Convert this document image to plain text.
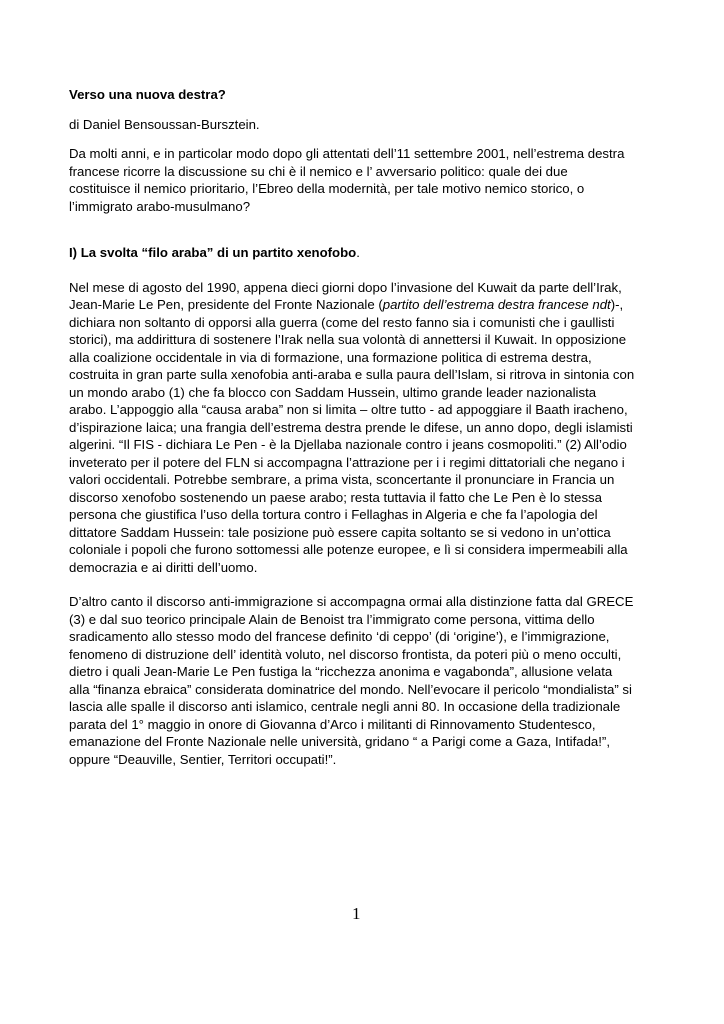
Verso una nuova destra?

di Daniel Bensoussan-Bursztein.

Da molti anni, e in particolar modo dopo gli attentati dell’11 settembre 2001, nell’estrema destra
francese ricorre la discussione su chi è il nemico e l’ avversario politico: quale dei due
costituisce il nemico prioritario, l’Ebreo della modernità, per tale motivo nemico storico, o
l’immigrato arabo-musulmano?

I) La svolta “filo araba” di un partito xenofobo.

Nel mese di agosto del 1990, appena dieci giorni dopo l’invasione del Kuwait da parte dell’Irak,
Jean-Marie Le Pen, presidente del Fronte Nazionale (partito dell’estrema destra francese ndt)-,
dichiara non soltanto di opporsi alla guerra (come del resto fanno sia i comunisti che i gaullisti
storici), ma addirittura di sostenere l’Irak nella sua volontà di annettersi il Kuwait. In opposizione
alla coalizione occidentale in via di formazione, una formazione politica di estrema destra,
costruita in gran parte sulla xenofobia anti-araba e sulla paura dell’Islam, si ritrova in sintonia con
un mondo arabo (1) che fa blocco con Saddam Hussein, ultimo grande leader nazionalista
arabo. L’appoggio alla “causa araba” non si limita – oltre tutto - ad appoggiare il Baath iracheno,
d’ispirazione laica; una frangia dell’estrema destra prende le difese, un anno dopo, degli islamisti
algerini. “Il FIS - dichiara Le Pen - è la Djellaba nazionale contro i jeans cosmopoliti.” (2) All’odio
inveterato per il potere del FLN si accompagna l’attrazione per i i regimi dittatoriali che negano i
valori occidentali. Potrebbe sembrare, a prima vista, sconcertante il pronunciare in Francia un
discorso xenofobo sostenendo un paese arabo; resta tuttavia il fatto che Le Pen è lo stessa
persona che giustifica l’uso della tortura contro i Fellaghas in Algeria e che fa l’apologia del
dittatore Saddam Hussein: tale posizione può essere capita soltanto se si vedono in un’ottica
coloniale i popoli che furono sottomessi alle potenze europee, e lì si considera impermeabili alla
democrazia e ai diritti dell’uomo.

D’altro canto il discorso anti-immigrazione si accompagna ormai alla distinzione fatta dal GRECE
(3) e dal suo teorico principale Alain de Benoist tra l’immigrato come persona, vittima dello
sradicamento allo stesso modo del francese definito ‘di ceppo’ (di ‘origine’), e l’immigrazione,
fenomeno di distruzione dell’ identità voluto, nel discorso frontista, da poteri più o meno occulti,
dietro i quali Jean-Marie Le Pen fustiga la “ricchezza anonima e vagabonda”, allusione velata
alla “finanza ebraica” considerata dominatrice del mondo. Nell’evocare il pericolo “mondialista” si
lascia alle spalle il discorso anti islamico, centrale negli anni 80. In occasione della tradizionale
parata del 1° maggio in onore di Giovanna d’Arco i militanti di Rinnovamento Studentesco,
emanazione del Fronte Nazionale nelle università, gridano “ a Parigi come a Gaza, Intifada!”,
oppure “Deauville, Sentier, Territori occupati!”.

1
